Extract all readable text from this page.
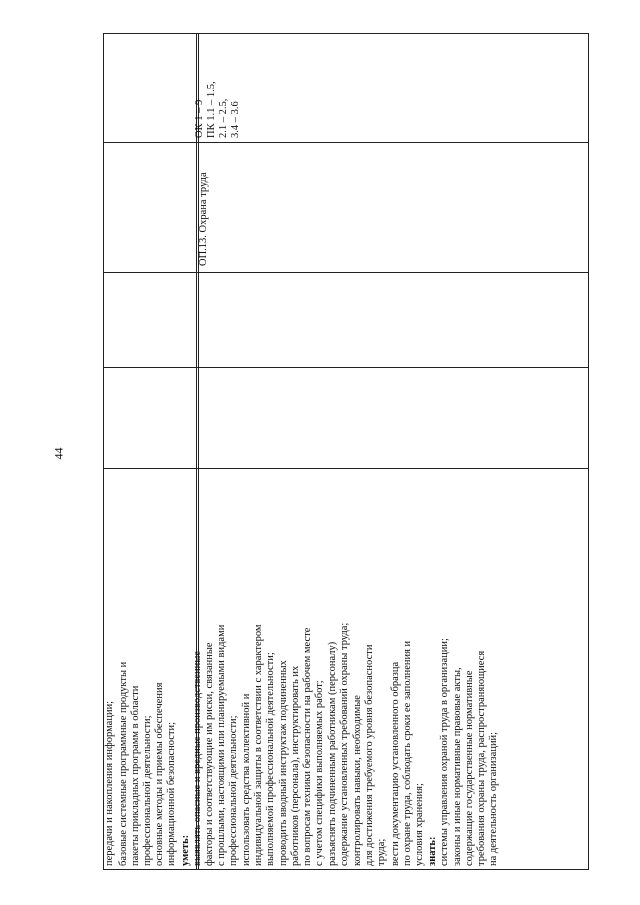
44
передачи и накопления информации; базовые системные программные продукты и пакеты прикладных программ в области профессиональной деятельности; основные методы и приемы обеспечения информационной безопасности; уметь: выявлять опасные и вредные производственные факторы и соответствующие им риски, связанные с прошлыми, настоящими или планируемыми видами профессиональной деятельности; использовать средства коллективной и индивидуальной защиты в соответствии с характером выполняемой профессиональной деятельности; проводить вводный инструктаж подчиненных работников (персонала), инструктировать их по вопросам техники безопасности на рабочем месте с учетом специфики выполняемых работ; разъяснять подчиненным работникам (персоналу) содержание установленных требований охраны труда; контролировать навыки, необходимые для достижения требуемого уровня безопасности труда; вести документацию установленного образца по охране труда, соблюдать сроки ее заполнения и условия хранения; знать: системы управления охраной труда в организации; законы и иные нормативные правовые акты, содержащие государственные нормативные требования охраны труда, распространяющиеся на деятельность организаций;
ОП.13. Охрана труда
ОК 1 – 9 ПК 1.1 – 1.5, 2.1 – 2.5, 3.4 – 3.6
